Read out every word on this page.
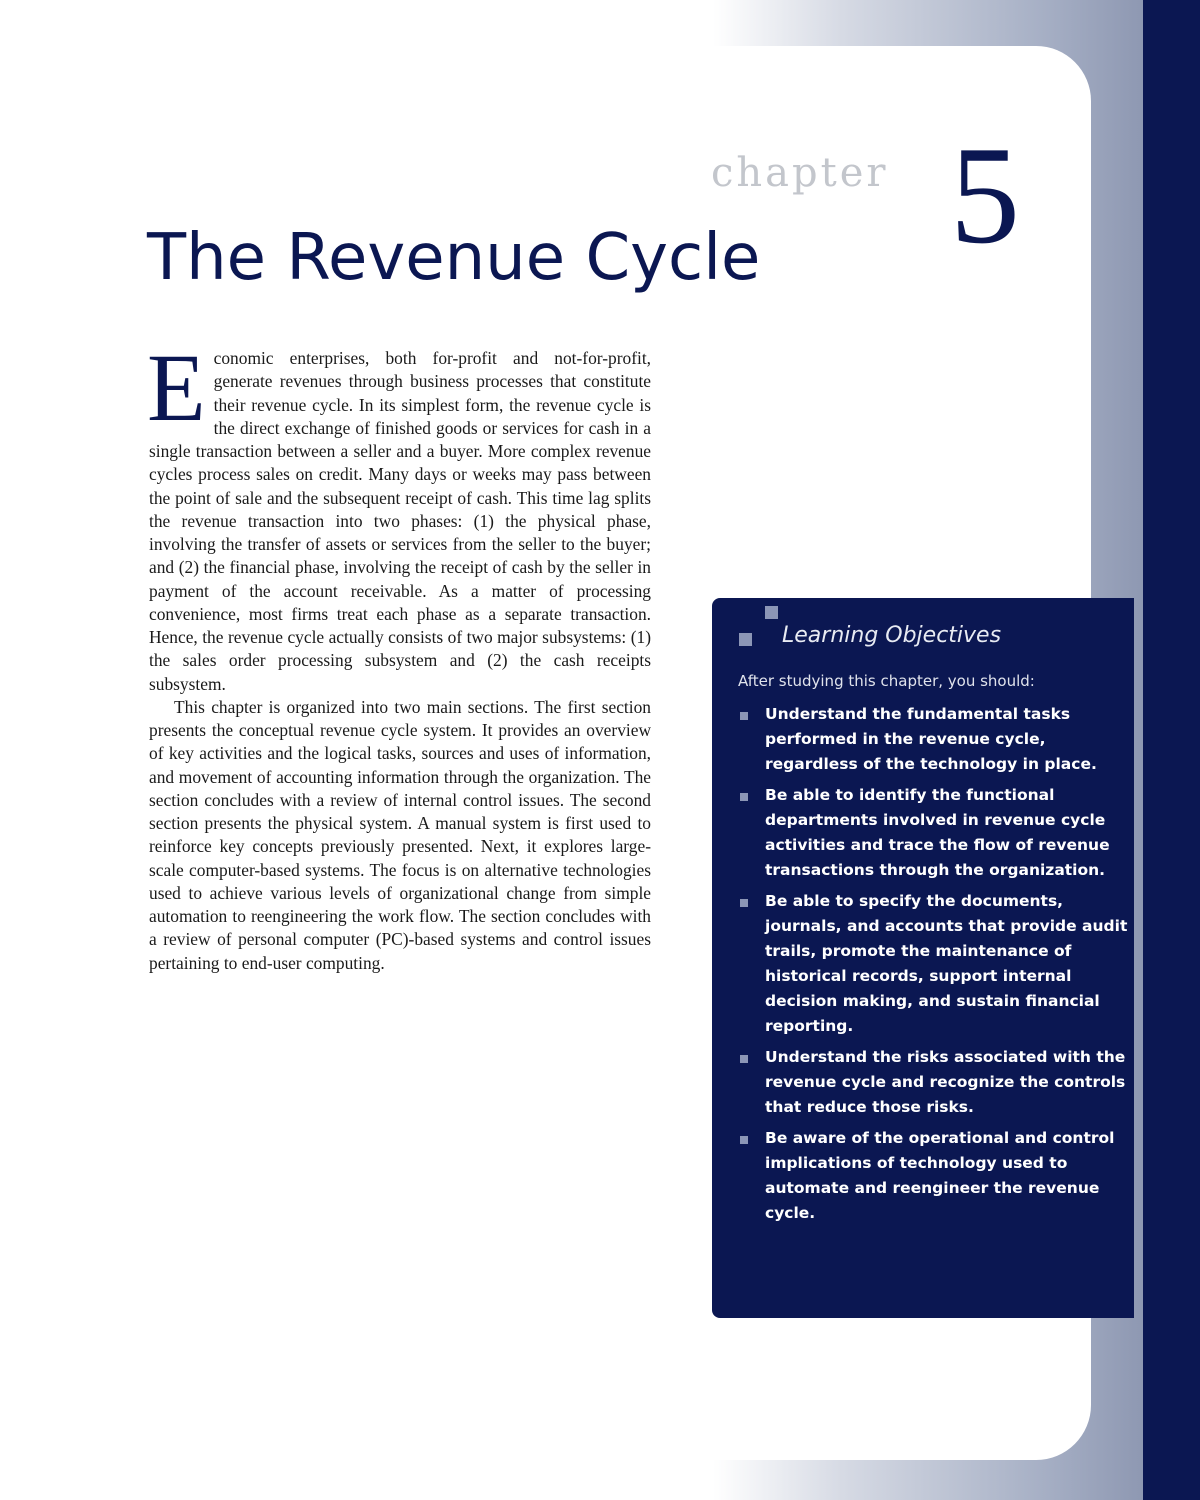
chapter 5
The Revenue Cycle

Economic enterprises, both for-profit and not-for-profit, generate revenues through business processes that constitute their revenue cycle. In its simplest form, the revenue cycle is the direct exchange of finished goods or services for cash in a single transaction between a seller and a buyer. More complex revenue cycles process sales on credit. Many days or weeks may pass between the point of sale and the subsequent receipt of cash. This time lag splits the revenue transaction into two phases: (1) the physical phase, involving the transfer of assets or services from the seller to the buyer; and (2) the financial phase, involving the receipt of cash by the seller in payment of the account receivable. As a matter of processing convenience, most firms treat each phase as a separate transaction. Hence, the revenue cycle actually consists of two major subsystems: (1) the sales order processing subsystem and (2) the cash receipts subsystem.

This chapter is organized into two main sections. The first section presents the conceptual revenue cycle system. It provides an overview of key activities and the logical tasks, sources and uses of information, and movement of accounting information through the organization. The section concludes with a review of internal control issues. The second section presents the physical system. A manual system is first used to reinforce key concepts previously presented. Next, it explores large-scale computer-based systems. The focus is on alternative technologies used to achieve various levels of organizational change from simple automation to reengineering the work flow. The section concludes with a review of personal computer (PC)-based systems and control issues pertaining to end-user computing.

Learning Objectives
After studying this chapter, you should:
Understand the fundamental tasks performed in the revenue cycle, regardless of the technology in place.
Be able to identify the functional departments involved in revenue cycle activities and trace the flow of revenue transactions through the organization.
Be able to specify the documents, journals, and accounts that provide audit trails, promote the maintenance of historical records, support internal decision making, and sustain financial reporting.
Understand the risks associated with the revenue cycle and recognize the controls that reduce those risks.
Be aware of the operational and control implications of technology used to automate and reengineer the revenue cycle.
